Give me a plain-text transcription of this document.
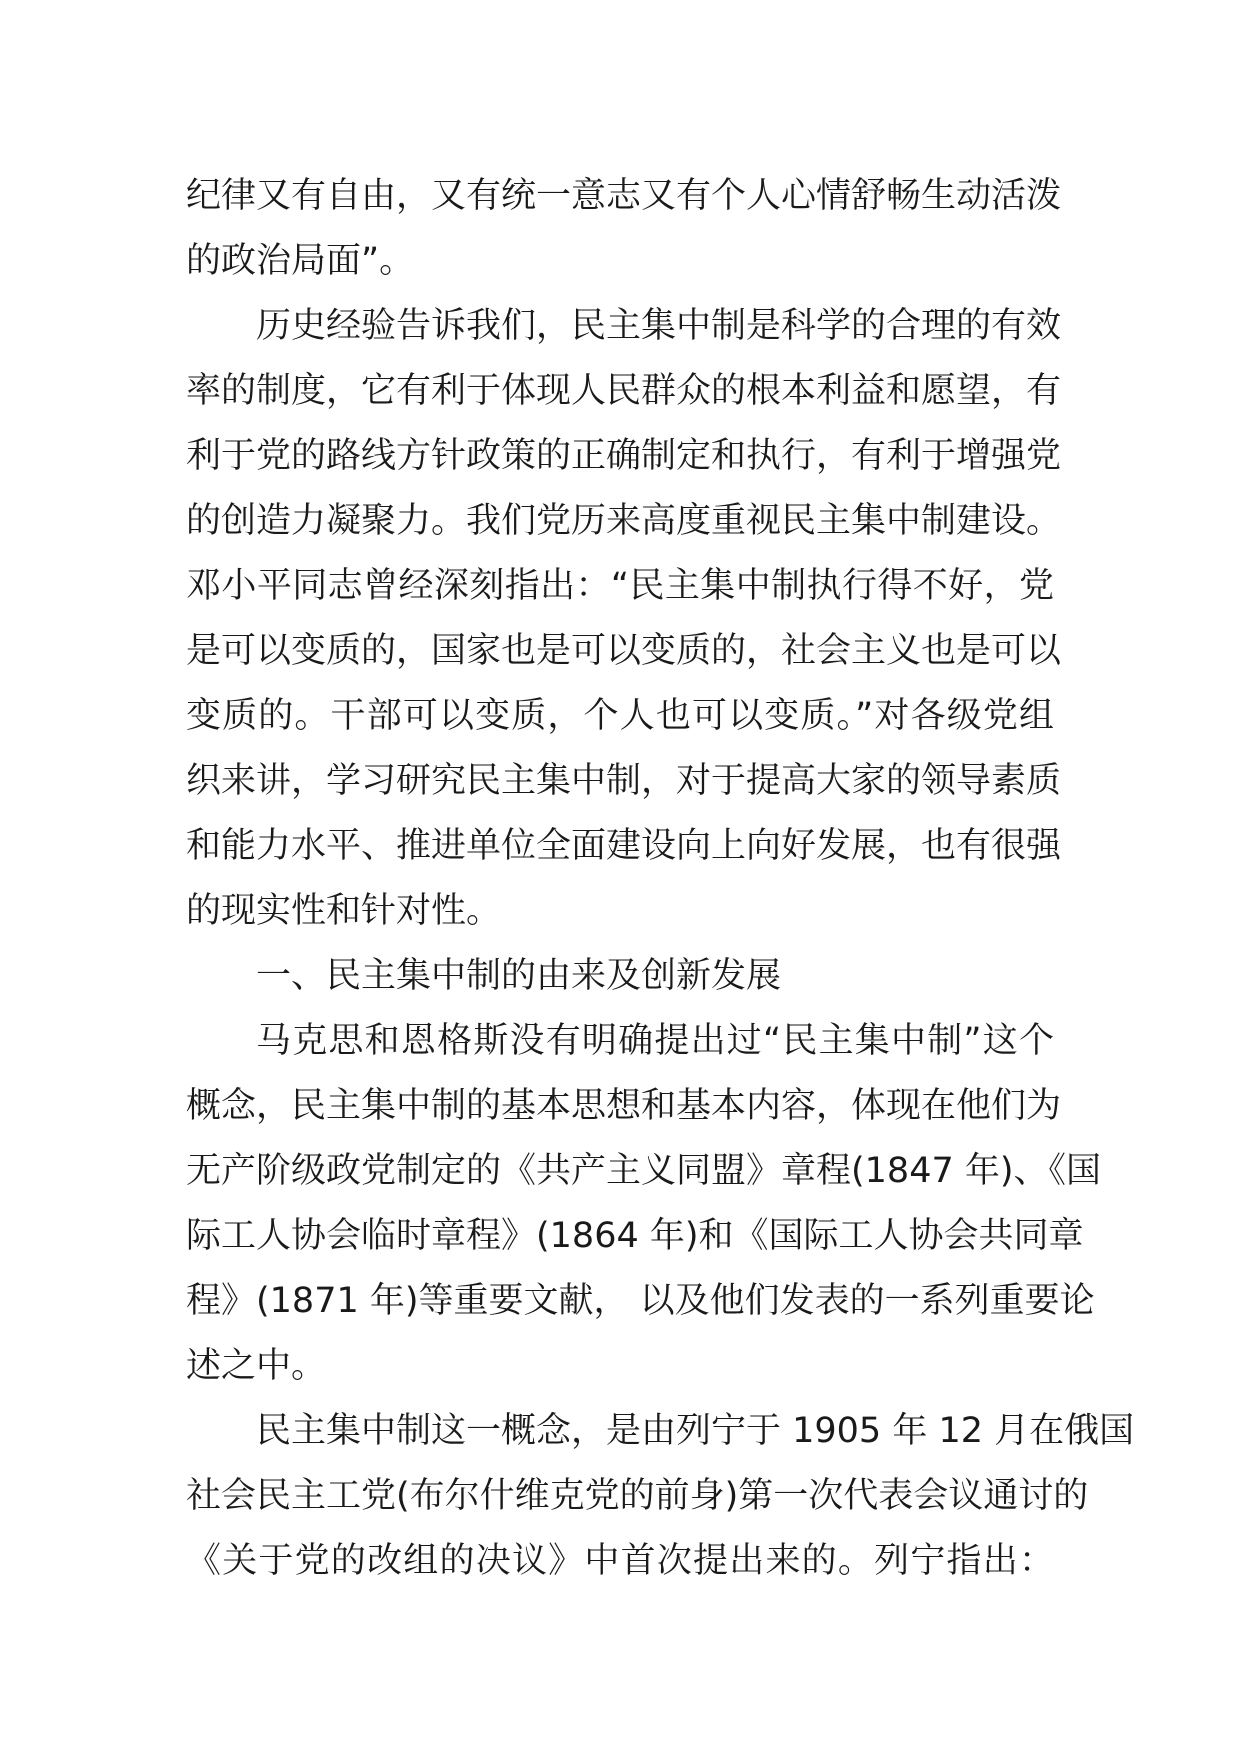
纪律又有自由，又有统一意志又有个人心情舒畅生动活泼
的政治局面”。
历史经验告诉我们，民主集中制是科学的合理的有效
率的制度，它有利于体现人民群众的根本利益和愿望，有
利于党的路线方针政策的正确制定和执行，有利于增强党
的创造力凝聚力。我们党历来高度重视民主集中制建设。
邓小平同志曾经深刻指出：“民主集中制执行得不好，党
是可以变质的，国家也是可以变质的，社会主义也是可以
变质的。干部可以变质，个人也可以变质。”对各级党组
织来讲，学习研究民主集中制，对于提高大家的领导素质
和能力水平、推进单位全面建设向上向好发展，也有很强
的现实性和针对性。
一、民主集中制的由来及创新发展
马克思和恩格斯没有明确提出过“民主集中制”这个
概念，民主集中制的基本思想和基本内容，体现在他们为
无产阶级政党制定的《共产主义同盟》章程(1847 年)、《国
际工人协会临时章程》(1864 年)和《国际工人协会共同章
程》(1871 年)等重要文献， 以及他们发表的一系列重要论
述之中。
民主集中制这一概念，是由列宁于 1905 年 12 月在俄国
社会民主工党(布尔什维克党的前身)第一次代表会议通讨的
《关于党的改组的决议》中首次提出来的。列宁指出：
